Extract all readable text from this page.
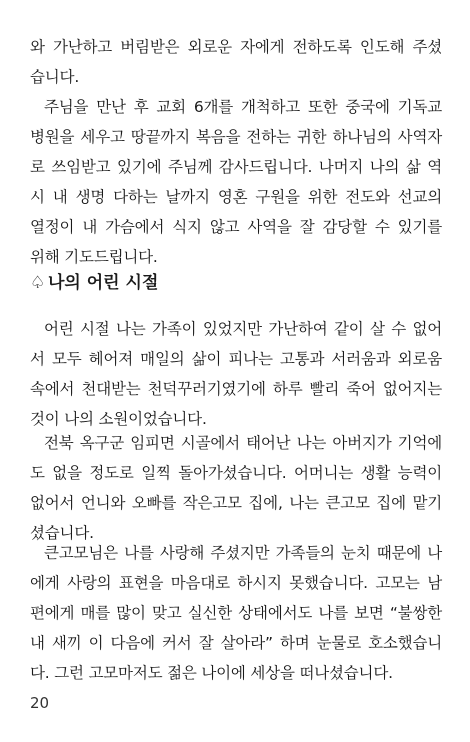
와 가난하고 버림받은 외로운 자에게 전하도록 인도해 주셨
습니다.
주님을 만난 후 교회 6개를 개척하고 또한 중국에 기독교
병원을 세우고 땅끝까지 복음을 전하는 귀한 하나님의 사역자
로 쓰임받고 있기에 주님께 감사드립니다. 나머지 나의 삶 역
시 내 생명 다하는 날까지 영혼 구원을 위한 전도와 선교의
열정이 내 가슴에서 식지 않고 사역을 잘 감당할 수 있기를
위해 기도드립니다.
♤ 나의 어린 시절
어린 시절 나는 가족이 있었지만 가난하여 같이 살 수 없어
서 모두 헤어져 매일의 삶이 피나는 고통과 서러움과 외로움
속에서 천대받는 천덕꾸러기였기에 하루 빨리 죽어 없어지는
것이 나의 소원이었습니다.
전북 옥구군 임피면 시골에서 태어난 나는 아버지가 기억에
도 없을 정도로 일찍 돌아가셨습니다. 어머니는 생활 능력이
없어서 언니와 오빠를 작은고모 집에, 나는 큰고모 집에 맡기
셨습니다.
큰고모님은 나를 사랑해 주셨지만 가족들의 눈치 때문에 나
에게 사랑의 표현을 마음대로 하시지 못했습니다. 고모는 남
편에게 매를 많이 맞고 실신한 상태에서도 나를 보면 “불쌍한
내 새끼 이 다음에 커서 잘 살아라” 하며 눈물로 호소했습니
다. 그런 고모마저도 젊은 나이에 세상을 떠나셨습니다.
20
